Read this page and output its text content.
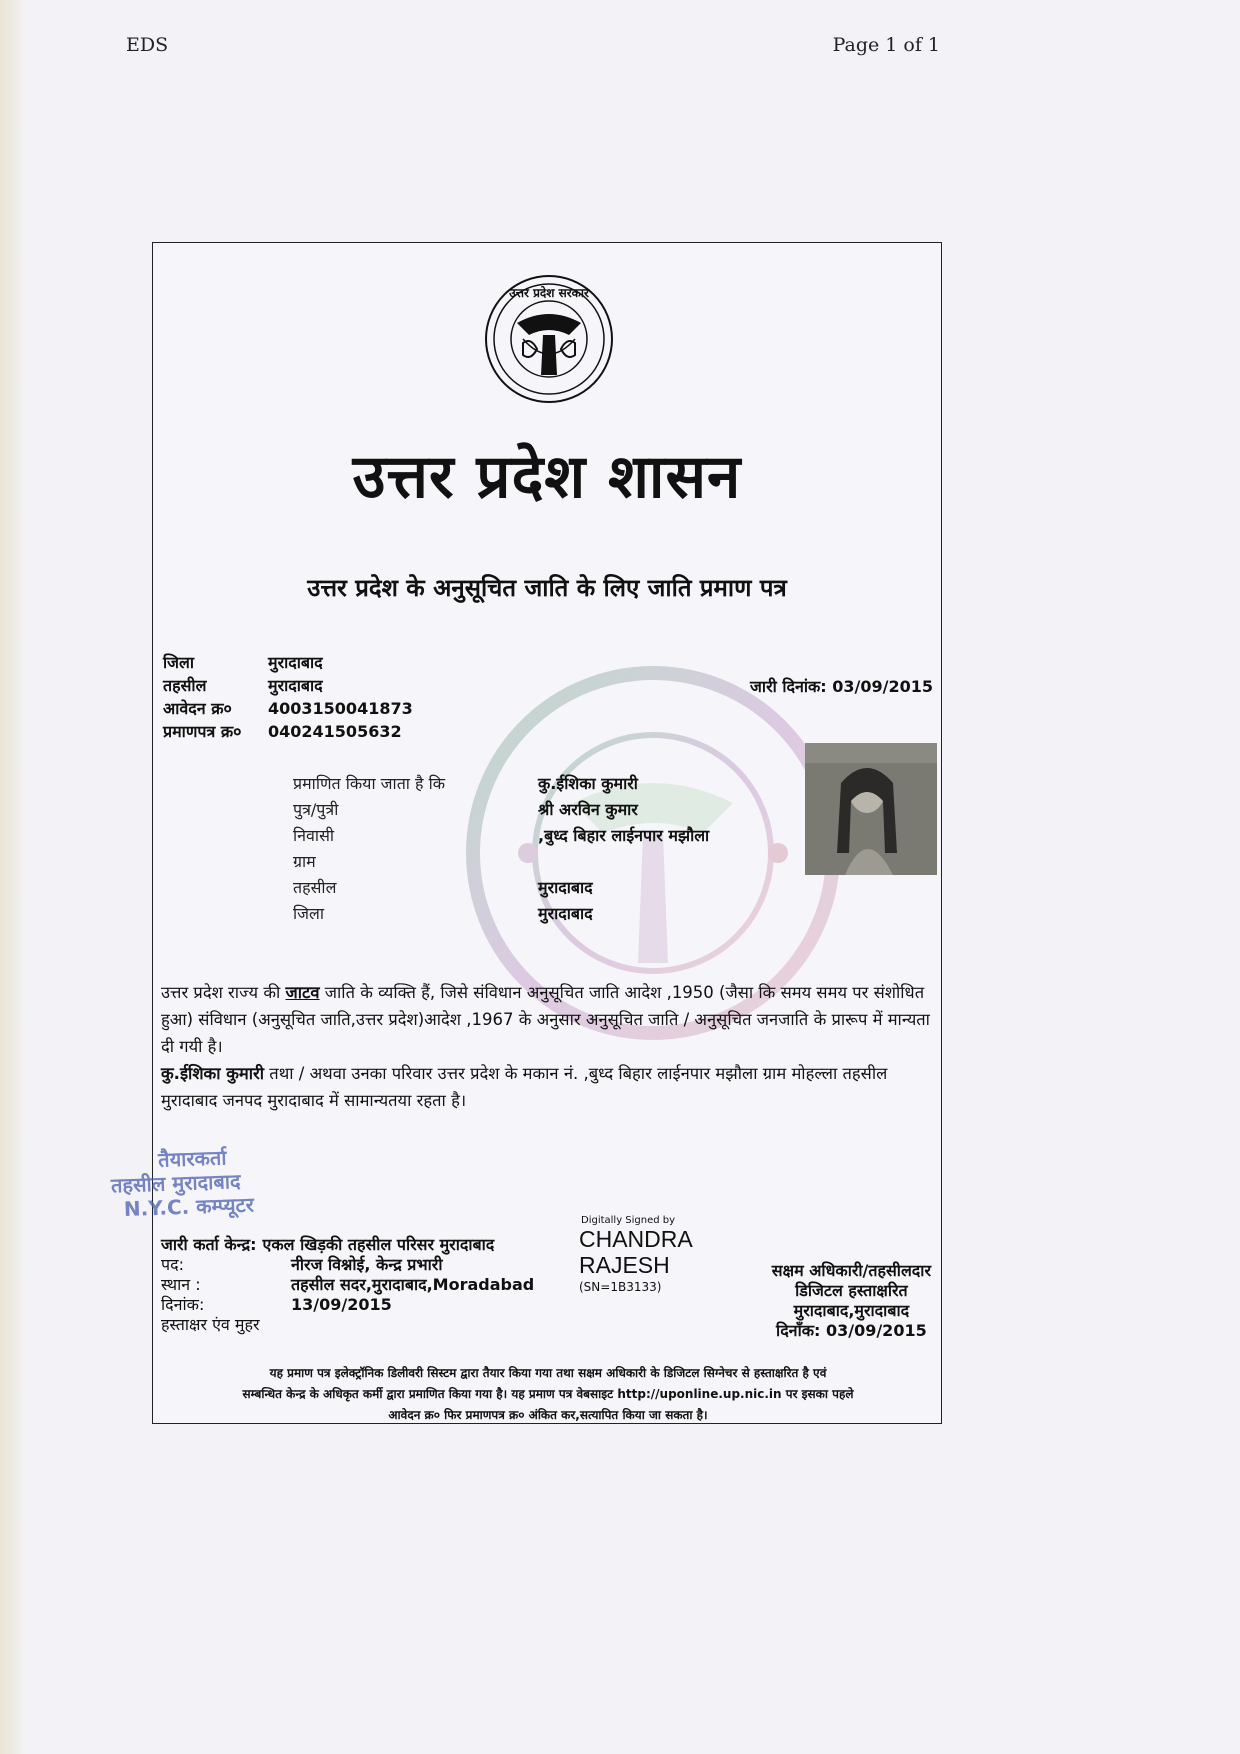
EDS	Page 1 of 1
उत्तर प्रदेश सरकार
उत्तर प्रदेश शासन
उत्तर प्रदेश के अनुसूचित जाति के लिए जाति प्रमाण पत्र
जिला	मुरादाबाद
तहसील	मुरादाबाद
आवेदन क्र०	4003150041873
प्रमाणपत्र क्र०	040241505632
जारी दिनांक: 03/09/2015
प्रमाणित किया जाता है कि	कु.ईशिका कुमारी
पुत्र/पुत्री	श्री अरविन कुमार
निवासी	,बुध्द बिहार लाईनपार मझौला
ग्राम
तहसील	मुरादाबाद
जिला	मुरादाबाद
उत्तर प्रदेश राज्य की जाटव जाति के व्यक्ति हैं, जिसे संविधान अनुसूचित जाति आदेश ,1950 (जैसा कि समय समय पर संशोधित हुआ) संविधान (अनुसूचित जाति,उत्तर प्रदेश)आदेश ,1967 के अनुसार अनुसूचित जाति / अनुसूचित जनजाति के प्रारूप में मान्यता दी गयी है।
कु.ईशिका कुमारी तथा / अथवा उनका परिवार उत्तर प्रदेश के मकान नं. ,बुध्द बिहार लाईनपार मझौला ग्राम मोहल्ला तहसील मुरादाबाद जनपद मुरादाबाद में सामान्यतया रहता है।
तैयारकर्ता
तहसील मुरादाबाद
N.Y.C. कम्प्यूटर
जारी कर्ता केन्द्र: एकल खिड़की तहसील परिसर मुरादाबाद
पद:	नीरज विश्नोई, केन्द्र प्रभारी
स्थान :	तहसील सदर,मुरादाबाद,Moradabad
दिनांक:	13/09/2015
हस्ताक्षर एंव मुहर
Digitally Signed by
CHANDRA
RAJESH
(SN=1B3133)
सक्षम अधिकारी/तहसीलदार
डिजिटल हस्ताक्षरित
मुरादाबाद,मुरादाबाद
दिनाँक: 03/09/2015
यह प्रमाण पत्र इलेक्ट्रॉनिक डिलीवरी सिस्टम द्वारा तैयार किया गया तथा सक्षम अधिकारी के डिजिटल सिग्नेचर से हस्ताक्षरित है एवं
सम्बन्धित केन्द्र के अधिकृत कर्मी द्वारा प्रमाणित किया गया है। यह प्रमाण पत्र वेबसाइट http://uponline.up.nic.in पर इसका पहले
आवेदन क्र० फिर प्रमाणपत्र क्र० अंकित कर,सत्यापित किया जा सकता है।
